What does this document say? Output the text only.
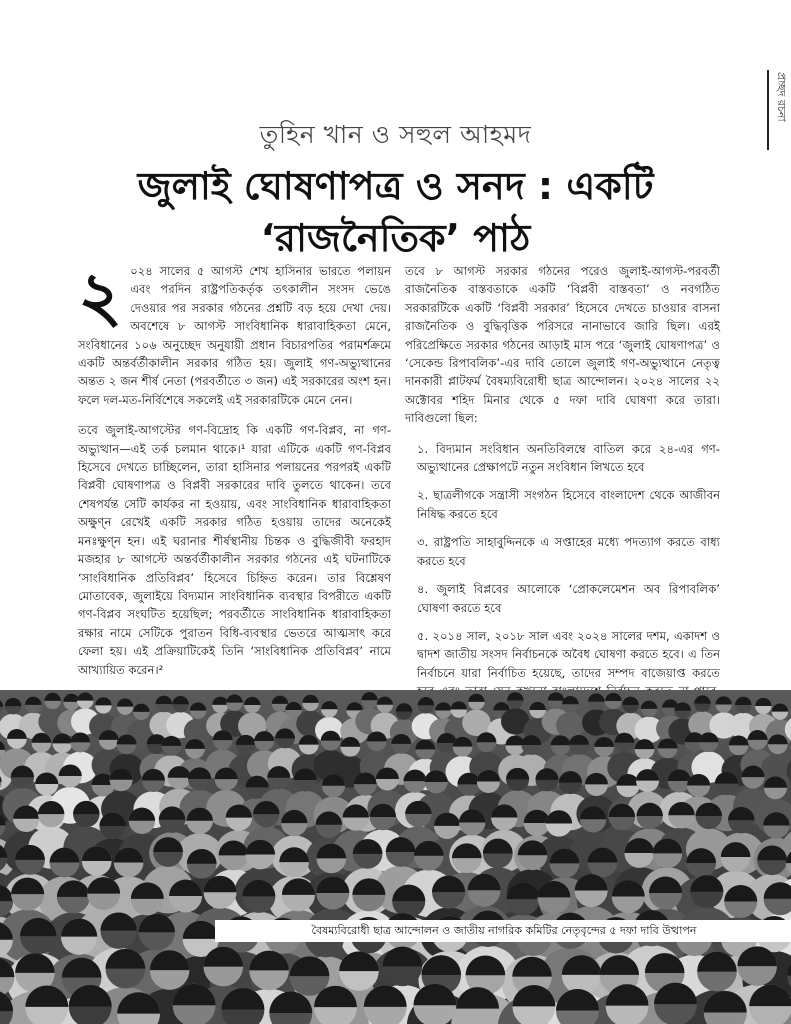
প্রচ্ছদ রচনা
তুহিন খান ও সহুল আহমদ
জুলাই ঘোষণাপত্র ও সনদ : একটি
‘রাজনৈতিক’ পাঠ

২ ০২৪ সালের ৫ আগস্ট শেখ হাসিনার ভারতে পলায়ন এবং পরদিন রাষ্ট্রপতিকর্তৃক তৎকালীন সংসদ ভেঙে দেওয়ার পর সরকার গঠনের প্রশ্নটি বড় হয়ে দেখা দেয়। অবশেষে ৮ আগস্ট সাংবিধানিক ধারাবাহিকতা মেনে, সংবিধানের ১০৬ অনুচ্ছেদ অনুযায়ী প্রধান বিচারপতির পরামর্শক্রমে একটি অন্তর্বর্তীকালীন সরকার গঠিত হয়। জুলাই গণ-অভ্যুত্থানের অন্তত ২ জন শীর্ষ নেতা (পরবর্তীতে ৩ জন) এই সরকারের অংশ হন। ফলে দল-মত-নির্বিশেষে সকলেই এই সরকারটিকে মেনে নেন।

তবে জুলাই-আগস্টের গণ-বিদ্রোহ কি একটি গণ-বিপ্লব, না গণ-অভ্যুত্থান—এই তর্ক চলমান থাকে।¹ যারা এটিকে একটি গণ-বিপ্লব হিসেবে দেখতে চাচ্ছিলেন, তারা হাসিনার পলায়নের পরপরই একটি বিপ্লবী ঘোষণাপত্র ও বিপ্লবী সরকারের দাবি তুলতে থাকেন। তবে শেষপর্যন্ত সেটি কার্যকর না হওয়ায়, এবং সাংবিধানিক ধারাবাহিকতা অক্ষুণ্ন রেখেই একটি সরকার গঠিত হওয়ায় তাদের অনেকেই মনঃক্ষুণ্ন হন। এই ঘরানার শীর্ষস্থানীয় চিন্তক ও বুদ্ধিজীবী ফরহাদ মজহার ৮ আগস্টে অন্তর্বর্তীকালীন সরকার গঠনের এই ঘটনাটিকে ‘সাংবিধানিক প্রতিবিপ্লব’ হিসেবে চিহ্নিত করেন। তার বিশ্লেষণ মোতাবেক, জুলাইয়ে বিদ্যমান সাংবিধানিক ব্যবস্থার বিপরীতে একটি গণ-বিপ্লব সংঘটিত হয়েছিল; পরবর্তীতে সাংবিধানিক ধারাবাহিকতা রক্ষার নামে সেটিকে পুরাতন বিধি-ব্যবস্থার ভেতরে আত্মসাৎ করে ফেলা হয়। এই প্রক্রিয়াটিকেই তিনি ‘সাংবিধানিক প্রতিবিপ্লব’ নামে আখ্যায়িত করেন।²

তবে ৮ আগস্ট সরকার গঠনের পরেও জুলাই-আগস্ট-পরবর্তী রাজনৈতিক বাস্তবতাকে একটি ‘বিপ্লবী বাস্তবতা’ ও নবগঠিত সরকারটিকে একটি ‘বিপ্লবী সরকার’ হিসেবে দেখতে চাওয়ার বাসনা রাজনৈতিক ও বুদ্ধিবৃত্তিক পরিসরে নানাভাবে জারি ছিল। এরই পরিপ্রেক্ষিতে সরকার গঠনের আড়াই মাস পরে ‘জুলাই ঘোষণাপত্র’ ও ‘সেকেন্ড রিপাবলিক’-এর দাবি তোলে জুলাই গণ-অভ্যুত্থানে নেতৃত্ব দানকারী প্লাটফর্ম বৈষম্যবিরোধী ছাত্র আন্দোলন। ২০২৪ সালের ২২ অক্টোবর শহিদ মিনার থেকে ৫ দফা দাবি ঘোষণা করে তারা। দাবিগুলো ছিল:

১. বিদ্যমান সংবিধান অনতিবিলম্বে বাতিল করে ২৪-এর গণ-অভ্যুত্থানের প্রেক্ষাপটে নতুন সংবিধান লিখতে হবে
২. ছাত্রলীগকে সন্ত্রাসী সংগঠন হিসেবে বাংলাদেশ থেকে আজীবন নিষিদ্ধ করতে হবে
৩. রাষ্ট্রপতি সাহাবুদ্দিনকে এ সপ্তাহের মধ্যে পদত্যাগ করতে বাধ্য করতে হবে
৪. জুলাই বিপ্লবের আলোকে ‘প্রোকলেমেশন অব রিপাবলিক’ ঘোষণা করতে হবে
৫. ২০১৪ সাল, ২০১৮ সাল এবং ২০২৪ সালের দশম, একাদশ ও দ্বাদশ জাতীয় সংসদ নির্বাচনকে অবৈধ ঘোষণা করতে হবে। এ তিন নির্বাচনে যারা নির্বাচিত হয়েছে, তাদের সম্পদ বাজেয়াপ্ত করতে
বৈষম্যবিরোধী ছাত্র আন্দোলন ও জাতীয় নাগরিক কমিটির নেতৃবৃন্দের ৫ দফা দাবি উত্থাপন
